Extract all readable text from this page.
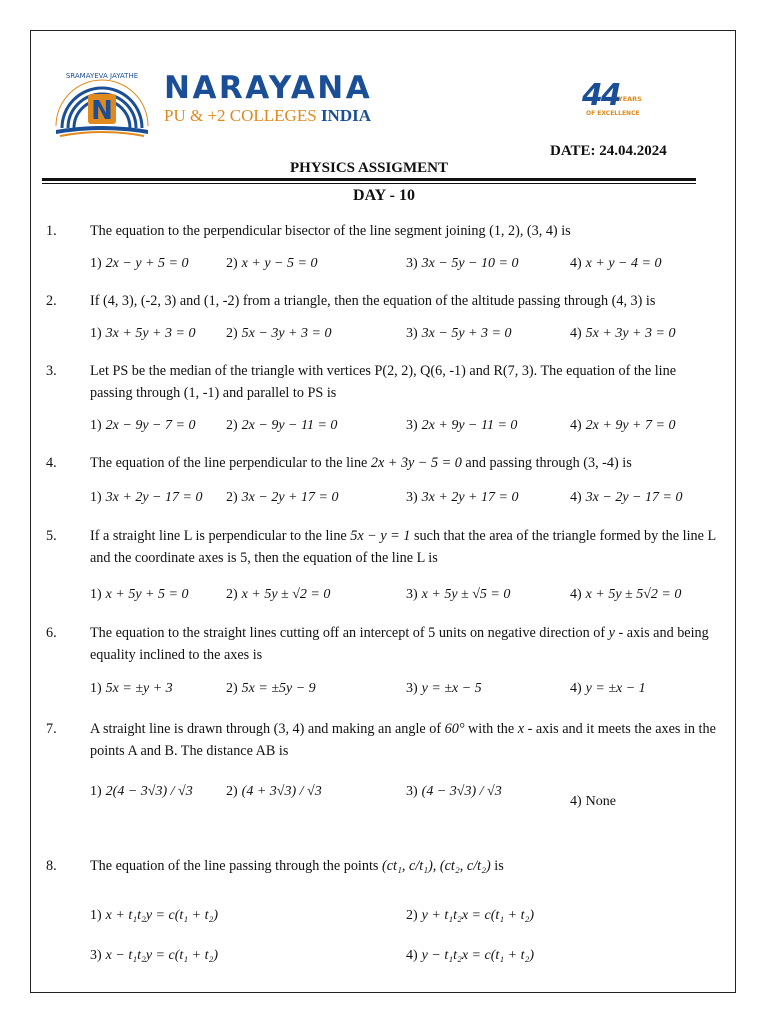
SRAMAYEVA JAYATHE
N
NARAYANA
PU & +2 COLLEGES INDIA
44
YEARS
OF EXCELLENCE
DATE: 24.04.2024
PHYSICS ASSIGMENT
DAY - 10
1. The equation to the perpendicular bisector of the line segment joining (1, 2), (3, 4) is
1) 2x − y + 5 = 0	2) x + y − 5 = 0	3) 3x − 5y − 10 = 0	4) x + y − 4 = 0
2. If (4, 3), (-2, 3) and (1, -2) from a triangle, then the equation of the altitude passing through (4, 3) is
1) 3x + 5y + 3 = 0 2) 5x − 3y + 3 = 0	3) 3x − 5y + 3 = 0	4) 5x + 3y + 3 = 0
3. Let PS be the median of the triangle with vertices P(2, 2), Q(6, -1) and R(7, 3). The equation of the line passing through (1, -1) and parallel to PS is
1) 2x − 9y − 7 = 0 2) 2x − 9y − 11 = 0	3) 2x + 9y − 11 = 0	4) 2x + 9y + 7 = 0
4. The equation of the line perpendicular to the line 2x + 3y − 5 = 0 and passing through (3, -4) is
1) 3x + 2y − 17 = 0 2) 3x − 2y + 17 = 0	3) 3x + 2y + 17 = 0	4) 3x − 2y − 17 = 0
5. If a straight line L is perpendicular to the line 5x − y = 1 such that the area of the triangle formed by the line L and the coordinate axes is 5, then the equation of the line L is
1) x + 5y + 5 = 0	2) x + 5y ± √2 = 0	3) x + 5y ± √5 = 0	4) x + 5y ± 5√2 = 0
6. The equation to the straight lines cutting off an intercept of 5 units on negative direction of y - axis and being equality inclined to the axes is
1) 5x = ±y + 3	2) 5x = ±5y − 9	3) y = ±x − 5	4) y = ±x − 1
7. A straight line is drawn through (3, 4) and making an angle of 60° with the x - axis and it meets the axes in the points A and B. The distance AB is
1) 2(4 − 3√3) / √3 2) (4 + 3√3) / √3	3) (4 − 3√3) / √3
4) None
8. The equation of the line passing through the points (ct₁, c/t₁), (ct₂, c/t₂) is
1) x + t₁t₂y = c(t₁ + t₂)	2) y + t₁t₂x = c(t₁ + t₂)
3) x − t₁t₂y = c(t₁ + t₂)	4) y − t₁t₂x = c(t₁ + t₂)
